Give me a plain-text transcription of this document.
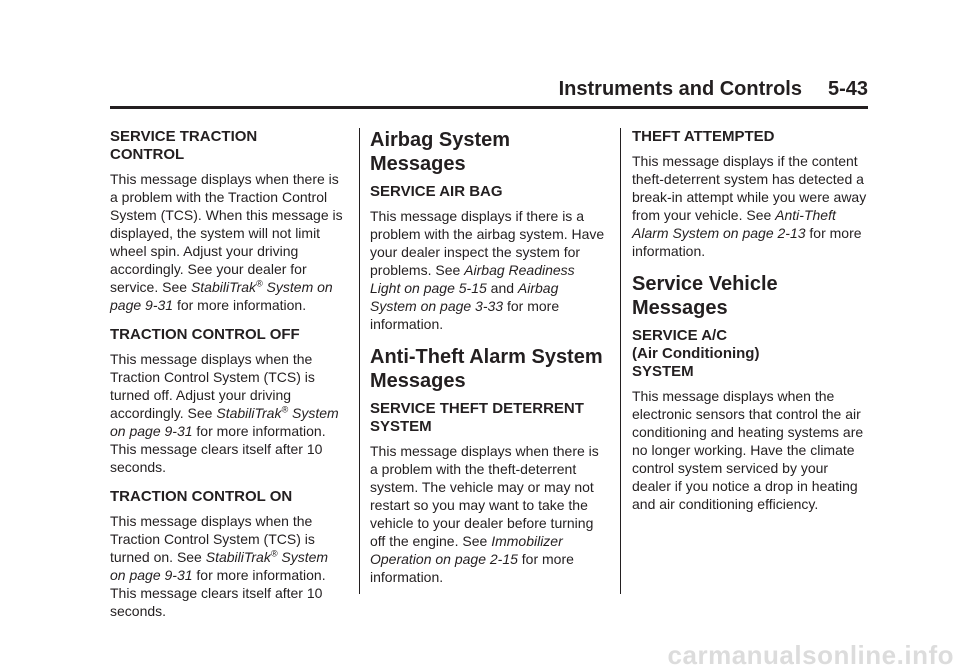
Instruments and Controls 5-43
SERVICE TRACTION
CONTROL

This message displays when there is a problem with the Traction Control System (TCS). When this message is displayed, the system will not limit wheel spin. Adjust your driving accordingly. See your dealer for service. See StabiliTrak® System on page 9‑31 for more information.

TRACTION CONTROL OFF

This message displays when the Traction Control System (TCS) is turned off. Adjust your driving accordingly. See StabiliTrak® System on page 9‑31 for more information. This message clears itself after 10 seconds.

TRACTION CONTROL ON

This message displays when the Traction Control System (TCS) is turned on. See StabiliTrak® System on page 9‑31 for more information. This message clears itself after 10 seconds.

Airbag System Messages
SERVICE AIR BAG

This message displays if there is a problem with the airbag system. Have your dealer inspect the system for problems. See Airbag Readiness Light on page 5‑15 and Airbag System on page 3‑33 for more information.

Anti-Theft Alarm System Messages
SERVICE THEFT DETERRENT
SYSTEM

This message displays when there is a problem with the theft-deterrent system. The vehicle may or may not restart so you may want to take the vehicle to your dealer before turning off the engine. See Immobilizer Operation on page 2‑15 for more information.

THEFT ATTEMPTED

This message displays if the content theft-deterrent system has detected a break-in attempt while you were away from your vehicle. See Anti-Theft Alarm System on page 2‑13 for more information.

Service Vehicle Messages
SERVICE A/C
(Air Conditioning)
SYSTEM

This message displays when the electronic sensors that control the air conditioning and heating systems are no longer working. Have the climate control system serviced by your dealer if you notice a drop in heating and air conditioning efficiency.

carmanualsonline.info
